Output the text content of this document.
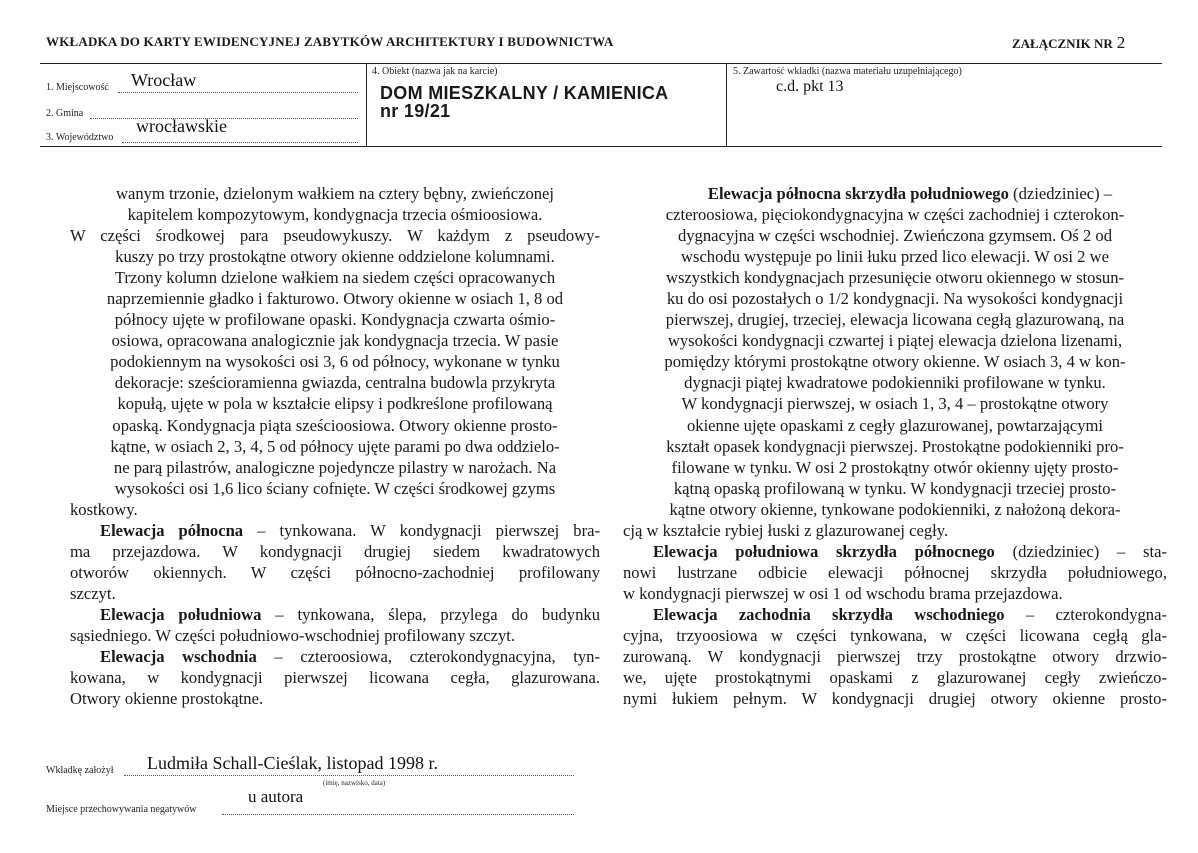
WKŁADKA DO KARTY EWIDENCYJNEJ ZABYTKÓW ARCHITEKTURY I BUDOWNICTWA	ZAŁĄCZNIK NR 2
1. Miejscowość Wrocław
2. Gmina
3. Województwo
wrocławskie
4. Obiekt (nazwa jak na karcie)
DOM MIESZKALNY / KAMIENICA
nr 19/21
5. Zawartość wkładki (nazwa materiału uzupełniającego)
c.d. pkt 13

wanym trzonie, dzielonym wałkiem na cztery bębny, zwieńczonej

kapitelem kompozytowym, kondygnacja trzecia ośmioosiowa.

W części środkowej para pseudowykuszy. W każdym z pseudowy-

kuszy po trzy prostokątne otwory okienne oddzielone kolumnami.

Trzony kolumn dzielone wałkiem na siedem części opracowanych

naprzemiennie gładko i fakturowo. Otwory okienne w osiach 1, 8 od

północy ujęte w profilowane opaski. Kondygnacja czwarta ośmio-

osiowa, opracowana analogicznie jak kondygnacja trzecia. W pasie

podokiennym na wysokości osi 3, 6 od północy, wykonane w tynku

dekoracje: sześcioramienna gwiazda, centralna budowla przykryta

kopułą, ujęte w pola w kształcie elipsy i podkreślone profilowaną

opaską. Kondygnacja piąta sześcioosiowa. Otwory okienne prosto-

kątne, w osiach 2, 3, 4, 5 od północy ujęte parami po dwa oddzielo-

ne parą pilastrów, analogiczne pojedyncze pilastry w narożach. Na

wysokości osi 1,6 lico ściany cofnięte. W części środkowej gzyms

kostkowy.

Elewacja północna – tynkowana. W kondygnacji pierwszej bra-

ma przejazdowa. W kondygnacji drugiej siedem kwadratowych

otworów okiennych. W części północno-zachodniej profilowany

szczyt.

Elewacja południowa – tynkowana, ślepa, przylega do budynku

sąsiedniego. W części południowo-wschodniej profilowany szczyt.

Elewacja wschodnia – czteroosiowa, czterokondygnacyjna, tyn-

kowana, w kondygnacji pierwszej licowana cegła, glazurowana.

Otwory okienne prostokątne.

Elewacja północna skrzydła południowego (dziedziniec) –

czteroosiowa, pięciokondygnacyjna w części zachodniej i czterokon-

dygnacyjna w części wschodniej. Zwieńczona gzymsem. Oś 2 od

wschodu występuje po linii łuku przed lico elewacji. W osi 2 we

wszystkich kondygnacjach przesunięcie otworu okiennego w stosun-

ku do osi pozostałych o 1/2 kondygnacji. Na wysokości kondygnacji

pierwszej, drugiej, trzeciej, elewacja licowana cegłą glazurowaną, na

wysokości kondygnacji czwartej i piątej elewacja dzielona lizenami,

pomiędzy którymi prostokątne otwory okienne. W osiach 3, 4 w kon-

dygnacji piątej kwadratowe podokienniki profilowane w tynku.

W kondygnacji pierwszej, w osiach 1, 3, 4 – prostokątne otwory

okienne ujęte opaskami z cegły glazurowanej, powtarzającymi

kształt opasek kondygnacji pierwszej. Prostokątne podokienniki pro-

filowane w tynku. W osi 2 prostokątny otwór okienny ujęty prosto-

kątną opaską profilowaną w tynku. W kondygnacji trzeciej prosto-

kątne otwory okienne, tynkowane podokienniki, z nałożoną dekora-

cją w kształcie rybiej łuski z glazurowanej cegły.

Elewacja południowa skrzydła północnego (dziedziniec) – sta-

nowi lustrzane odbicie elewacji północnej skrzydła południowego,

w kondygnacji pierwszej w osi 1 od wschodu brama przejazdowa.

Elewacja zachodnia skrzydła wschodniego – czterokondygna-

cyjna, trzyoosiowa w części tynkowana, w części licowana cegłą gla-

zurowaną. W kondygnacji pierwszej trzy prostokątne otwory drzwio-

we, ujęte prostokątnymi opaskami z glazurowanej cegły zwieńczo-

nymi łukiem pełnym. W kondygnacji drugiej otwory okienne prosto-

Wkładkę założył Ludmiła Schall-Cieślak, listopad 1998 r.
(imię, nazwisko, data)
u autora
Miejsce przechowywania negatywów
